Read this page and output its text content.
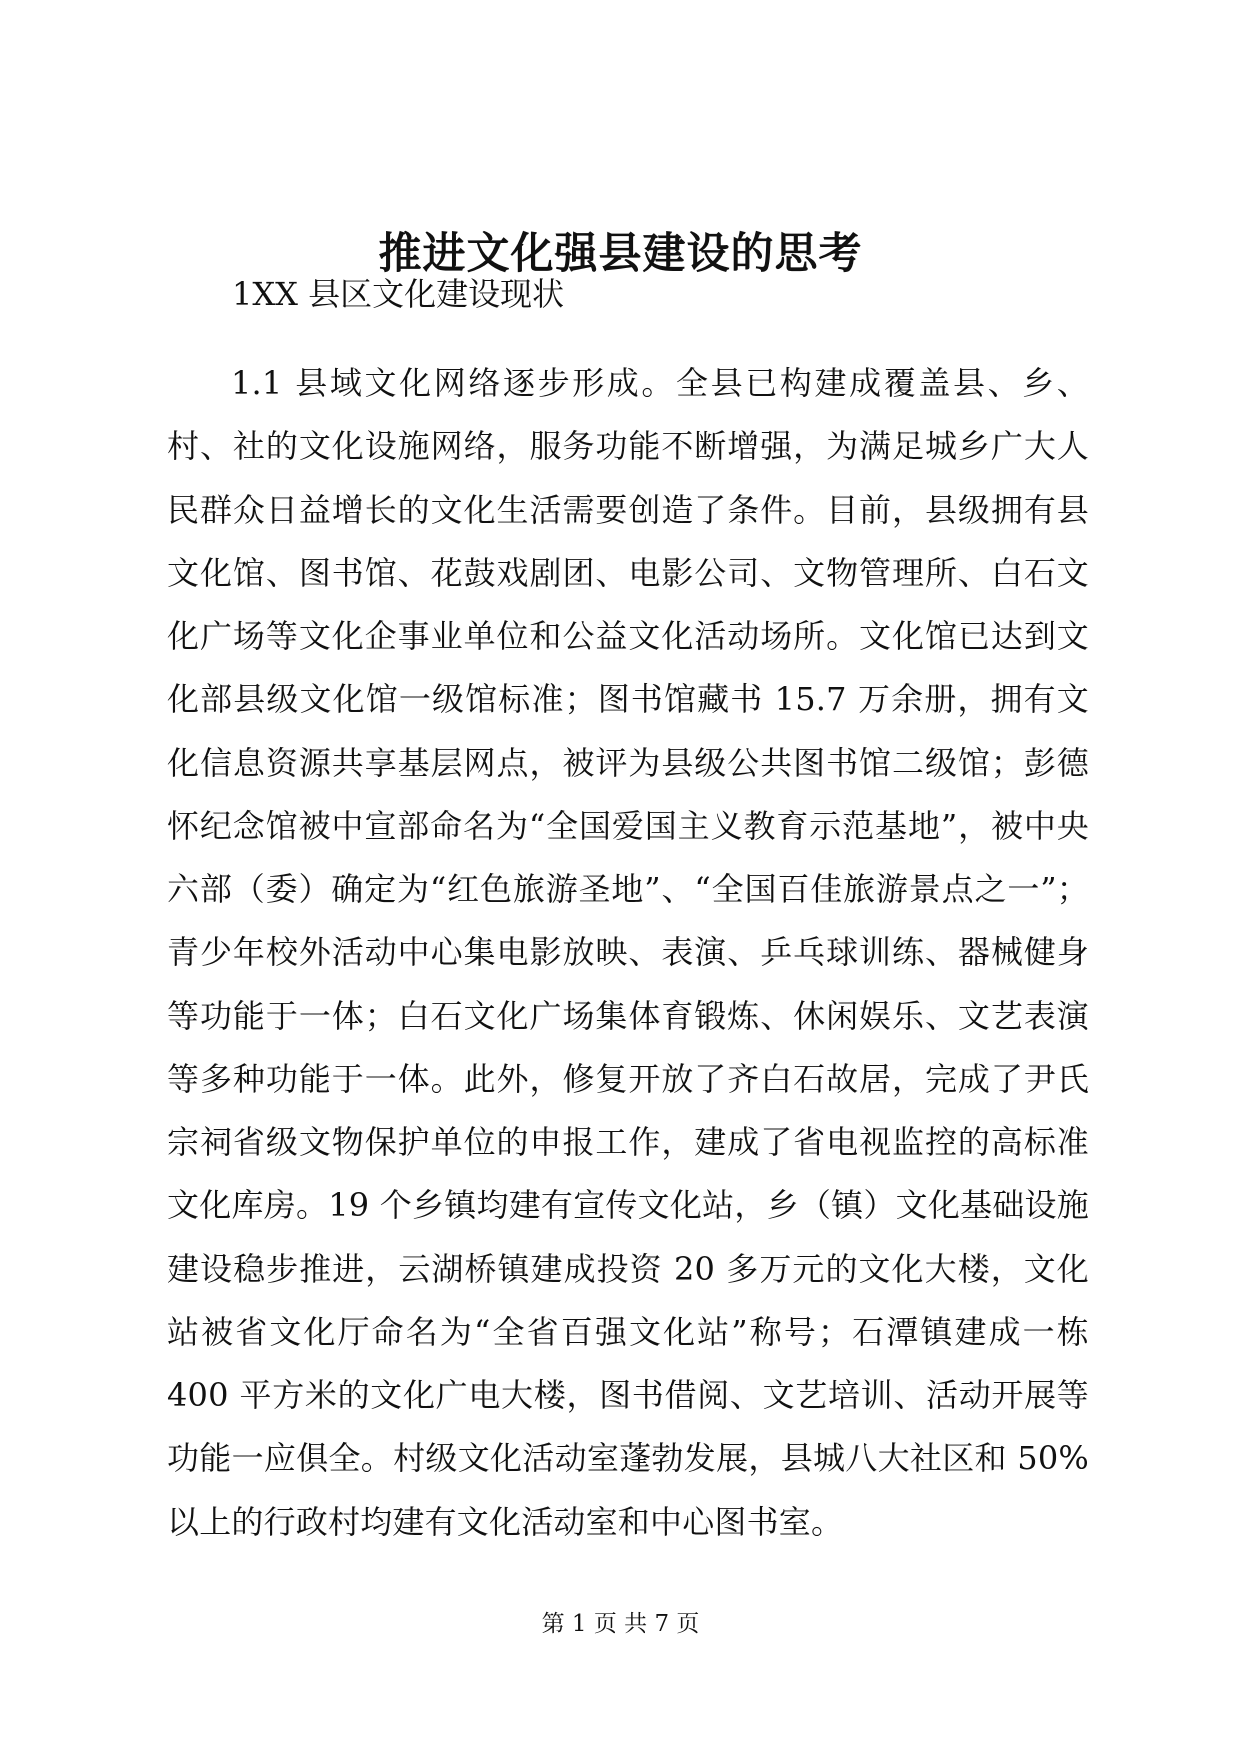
推进文化强县建设的思考

1XX 县区文化建设现状

1.1 县域文化网络逐步形成。全县已构建成覆盖县、乡、村、社的文化设施网络，服务功能不断增强，为满足城乡广大人民群众日益增长的文化生活需要创造了条件。目前，县级拥有县文化馆、图书馆、花鼓戏剧团、电影公司、文物管理所、白石文化广场等文化企事业单位和公益文化活动场所。文化馆已达到文化部县级文化馆一级馆标准；图书馆藏书 15.7 万余册，拥有文化信息资源共享基层网点，被评为县级公共图书馆二级馆；彭德怀纪念馆被中宣部命名为“全国爱国主义教育示范基地”，被中央六部（委）确定为“红色旅游圣地”、“全国百佳旅游景点之一”；青少年校外活动中心集电影放映、表演、乒乓球训练、器械健身等功能于一体；白石文化广场集体育锻炼、休闲娱乐、文艺表演等多种功能于一体。此外，修复开放了齐白石故居，完成了尹氏宗祠省级文物保护单位的申报工作，建成了省电视监控的高标准文化库房。19 个乡镇均建有宣传文化站，乡（镇）文化基础设施建设稳步推进，云湖桥镇建成投资 20 多万元的文化大楼，文化站被省文化厅命名为“全省百强文化站”称号；石潭镇建成一栋 400 平方米的文化广电大楼，图书借阅、文艺培训、活动开展等功能一应俱全。村级文化活动室蓬勃发展，县城八大社区和 50%以上的行政村均建有文化活动室和中心图书室。

第 1 页 共 7 页
